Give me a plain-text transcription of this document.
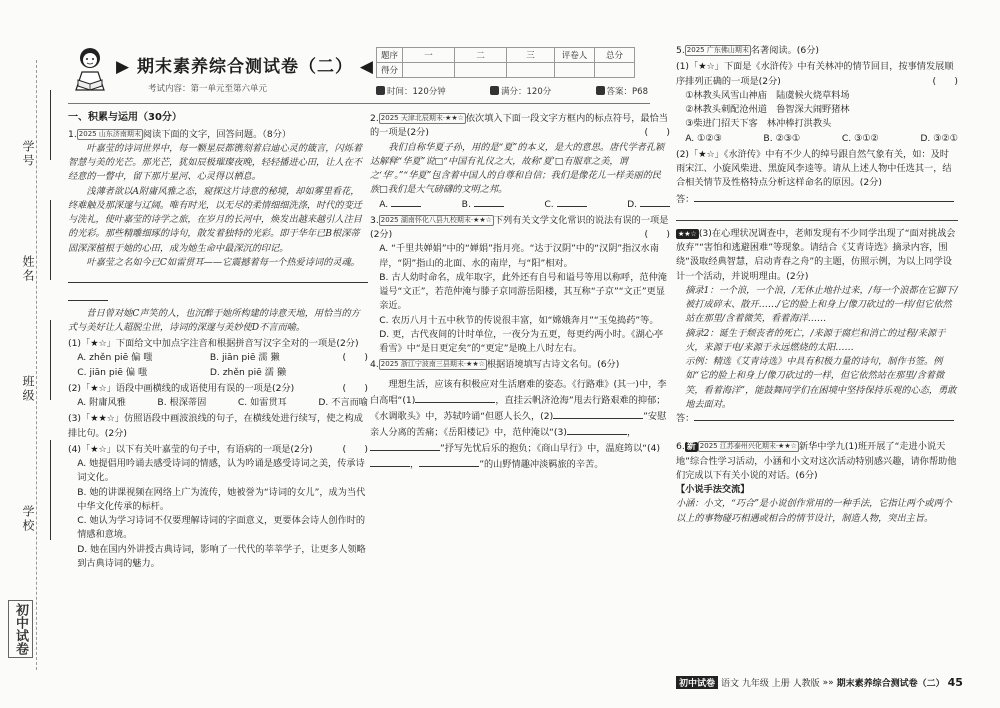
学号
姓名
班级
学校
初中试卷
▶ 期末素养综合测试卷（二） ◀
考试内容：第一单元至第六单元
题序	一	二	三	评卷人	总分
得分					
时间：120分钟	满分：120分	答案：P68
一、积累与运用（30分）
1. 2025 山东济南期末 阅读下面的文字，回答问题。（8分）
叶嘉莹的诗词世界中，每一颗星辰都镌刻着启迪心灵的箴言，闪烁着智慧与美的光芒。那光芒，犹如辰极璀璨夜晚，轻轻播进心田，让人在不经意的一瞥中，留下那片星河、心灵得以栖息。
浅薄者欲以A附庸风雅之态，窥探这片诗意的秘境，却如雾里看花，终难触及那深邃与辽阔。唯有时光，以无尽的柔情细细洗涤，时代的变迁与洗礼，使叶嘉莹的诗学之旅，在岁月的长河中，焕发出越来越引人注目的光彩。那些精雕细琢的诗句，散发着独特的光彩。即于华年已B根深蒂固深深植根于她的心田，成为她生命中最深沉的印记。
叶嘉莹之名如今已C如雷贯耳——它震撼着每一个热爱诗词的灵魂。
昔日曾对她C声笑的人，也沉醉于她所构建的诗意天地，用恰当的方式与美好让人超脱尘世，诗词的深邃与美妙使D不言而喻。
(1)「★☆」下面给文中加点字注音和根据拼音写汉字全对的一项是(2分)
(　　)
A. zhěn piē 偏 嗤	B. jiān piē 濡 獭
C. jiān piē 偏 嗤	D. zhěn piē 濡 獭
(2)「★☆」语段中画横线的成语使用有误的一项是(2分)	(　　)
A. 附庸风雅	B. 根深蒂固	C. 如雷贯耳	D. 不言而喻
(3)「★★☆」仿照语段中画波浪线的句子，在横线处进行续写，使之构成排比句。(2分)
(4)「★☆」以下有关叶嘉莹的句子中，有语病的一项是(2分)	(　　)
A. 她提倡用吟诵去感受诗词的情感，认为吟诵是感受诗词之美，传承诗词文化。
B. 她的讲课视频在网络上广为流传，她被誉为“诗词的女儿”，成为当代中华文化传承的标杆。
C. 她认为学习诗词不仅要理解诗词的字面意义，更要体会诗人创作时的情感和意境。
D. 她在国内外讲授古典诗词，影响了一代代的莘莘学子，让更多人领略到古典诗词的魅力。
2. 2025 天津北辰期末·★★☆ 依次填入下面一段文字方框内的标点符号，最恰当的一项是(2分)	(　　)
我们自称华夏子孙，用的是“夏”的本义，是大的意思。唐代学者孔颖达解释“华夏”说□“中国有礼仪之大，故称‘夏’□有服章之美，谓之‘华’。”“华夏”包含着中国人的自尊和自信；我们是像花儿一样美丽的民族□我们是大气磅礴的文明之邦。
A.	B.	C.	D.
3. 2025 湖南怀化八县九校期末·★★☆ 下列有关文学文化常识的说法有误的一项是(2分)	(　　)
A. “千里共婵娟”中的“婵娟”指月亮。“达于汉阴”中的“汉阴”指汉水南岸，“阴”指山的北面、水的南岸，与“阳”相对。
B. 古人幼时命名，成年取字，此外还有自号和谥号等用以称呼，范仲淹谥号“文正”，若范仲淹与滕子京同游岳阳楼，其互称“子京”“文正”更显亲近。
C. 农历八月十五中秋节的传说很丰富，如“嫦娥奔月”“玉兔捣药”等。
D. 更，古代夜间的计时单位，一夜分为五更，每更约两小时。《湖心亭看雪》中“是日更定矣”的“更定”是晚上八时左右。
4. 2025 浙江宁波南三县期末·★★☆ 根据语境填写古诗文名句。(6分)
理想生活，应该有积极应对生活磨难的姿态。《行路难》(其一)中，李白高唱“(1)	，直挂云帆济沧海”甩去行路艰难的抑郁；《水调歌头》中，苏轼吟诵“但愿人长久，(2)	”安慰亲人分离的苦痛；《岳阳楼记》中，范仲淹以“(3)	，”抒写先忧后乐的抱负；《商山早行》中，温庭筠以“(4)，	”的山野情趣冲淡羁旅的辛苦。
5. 2025 广东佛山期末 名著阅读。(6分)
(1)「★☆」下面是《水浒传》中有关林冲的情节回目，按事情发展顺序排列正确的一项是(2分)	(　　)
①林教头风雪山神庙　陆虞候火烧草料场
②林教头刺配沧州道　鲁智深大闹野猪林
③柴进门招天下客　林冲棒打洪教头
A. ①②③	B. ②③①	C. ③①②	D. ③②①
(2)「★☆」《水浒传》中有不少人的绰号跟自然气象有关，如：及时雨宋江、小旋风柴进、黑旋风李逵等。请从上述人物中任选其一，结合相关情节及性格特点分析这样命名的原因。(2分)
答：
★★☆ (3)在心理状况调查中，老师发现有不少同学出现了“面对挑战会放弃”“害怕和逃避困难”等现象。请结合《艾青诗选》摘录内容，围绕“汲取经典智慧，启动青春之舟”的主题，仿照示例，为以上同学设计一个活动，并说明理由。(2分)
摘录1：一个浪，一个浪，/无休止地扑过来，/每一个浪都在它脚下/被打成碎末、散开……/它的脸上和身上/像刀砍过的一样/但它依然站在那里/含着微笑，看着海洋……
摘录2：诞生于颓丧者的死亡，/来源于腐烂和消亡的过程/来源于火，来源于电/来源于永远燃烧的太阳……
示例：精选《艾青诗选》中具有积极力量的诗句，制作书签。例如“它的脸上和身上/像刀砍过的一样，但它依然站在那里/含着微笑，看着海洋”，能鼓舞同学们在困境中坚持保持乐观的心态，勇敢地去面对。
答：
6. 新 2025 江苏泰州兴化期末·★★☆ 新华中学九(1)班开展了“走进小说天地”综合性学习活动，小涵和小文对这次活动特别感兴趣，请你帮助他们完成以下有关小说的对话。(6分)
【小说手法交流】
小涵：小文，“巧合”是小说创作常用的一种手法，它指让两个或两个以上的事物碰巧相遇或相合的情节设计，制造人物，突出主旨。
初中试卷 语文 九年级 上册 人教版 »» 期末素养综合测试卷（二） 45
